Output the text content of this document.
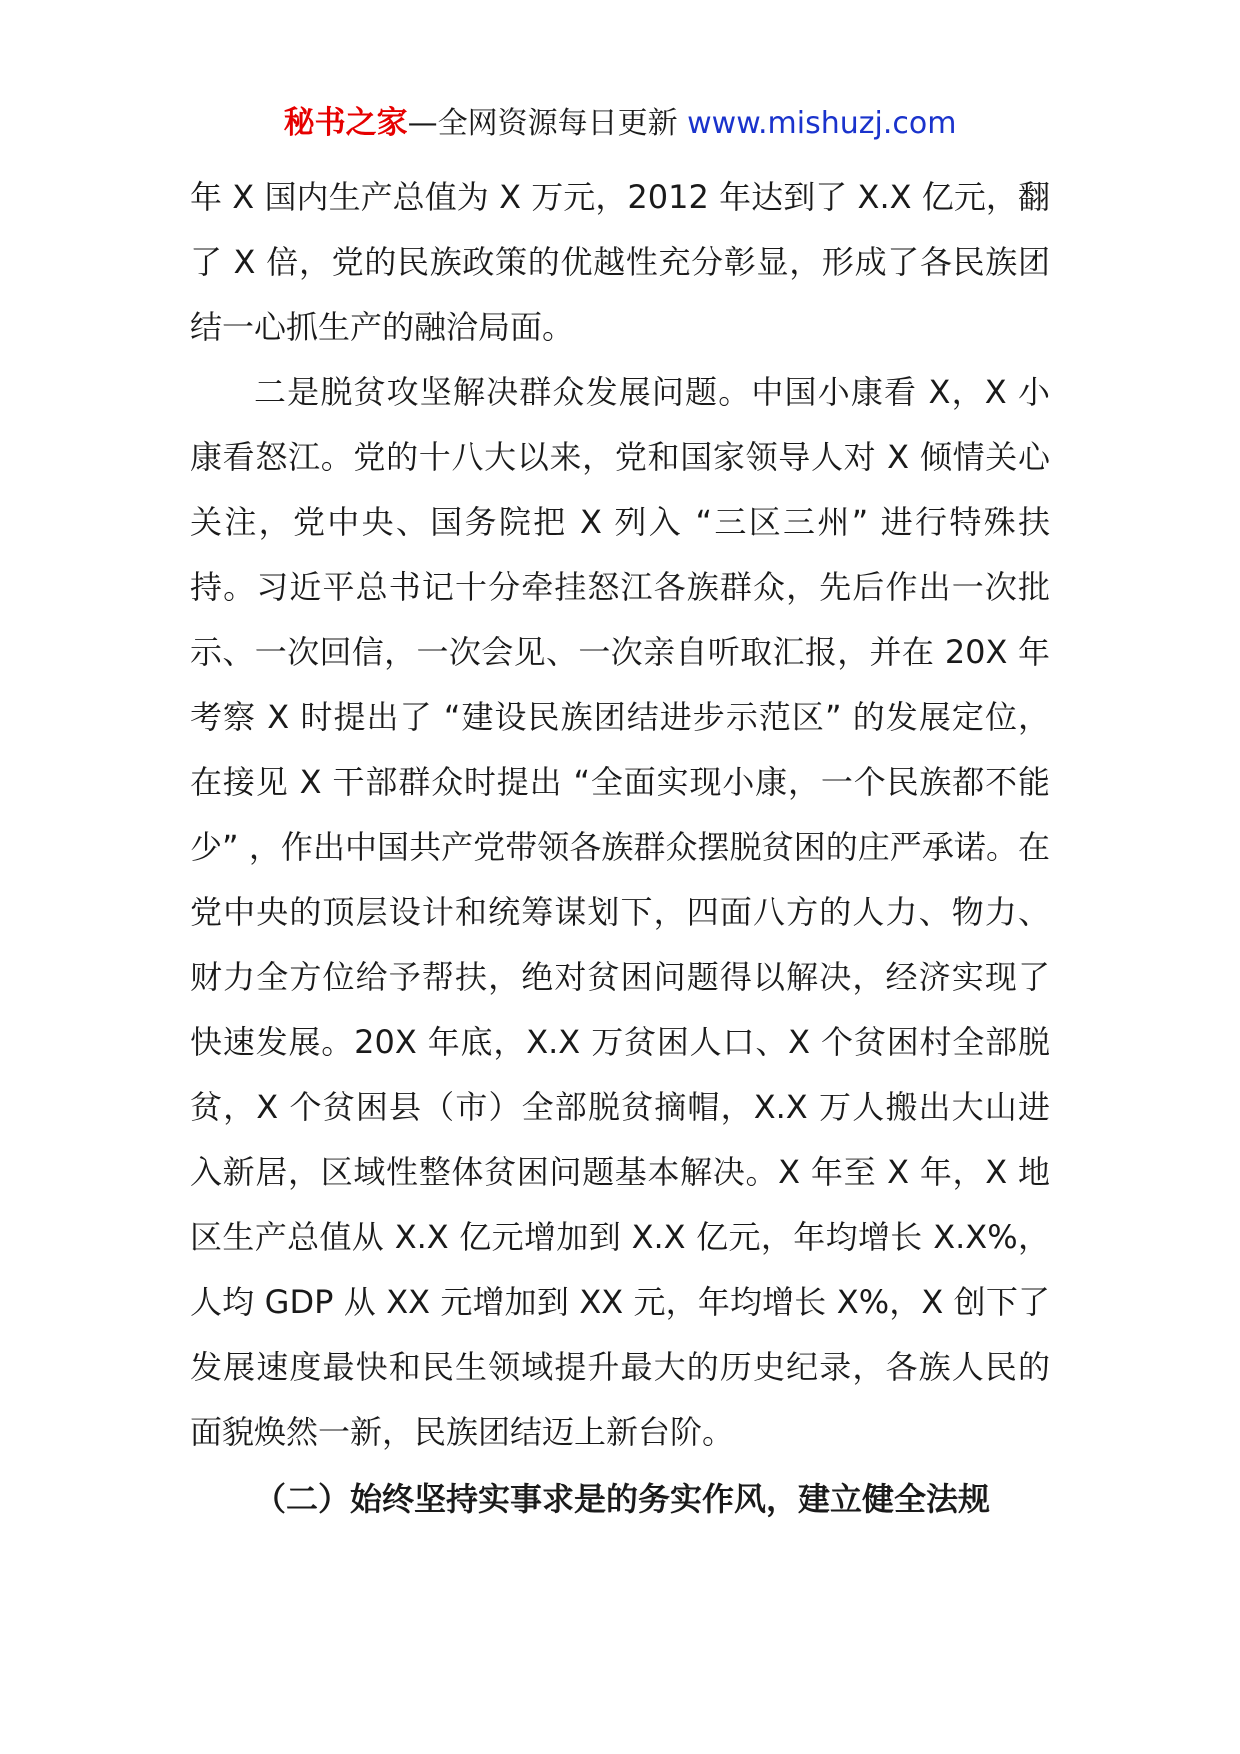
秘书之家—全网资源每日更新 www.mishuzj.com

年 X 国内生产总值为 X 万元，2012 年达到了 X.X 亿元，翻了 X 倍，党的民族政策的优越性充分彰显，形成了各民族团结一心抓生产的融洽局面。

二是脱贫攻坚解决群众发展问题。中国小康看 X，X 小康看怒江。党的十八大以来，党和国家领导人对 X 倾情关心关注，党中央、国务院把 X 列入 “三区三州” 进行特殊扶持。习近平总书记十分牵挂怒江各族群众，先后作出一次批示、一次回信，一次会见、一次亲自听取汇报，并在 20X 年考察 X 时提出了 “建设民族团结进步示范区” 的发展定位，在接见 X 干部群众时提出 “全面实现小康，一个民族都不能少” ，作出中国共产党带领各族群众摆脱贫困的庄严承诺。在党中央的顶层设计和统筹谋划下，四面八方的人力、物力、财力全方位给予帮扶，绝对贫困问题得以解决，经济实现了快速发展。20X 年底，X.X 万贫困人口、X 个贫困村全部脱贫，X 个贫困县（市）全部脱贫摘帽，X.X 万人搬出大山进入新居，区域性整体贫困问题基本解决。X 年至 X 年，X 地区生产总值从 X.X 亿元增加到 X.X 亿元，年均增长 X.X%，人均 GDP 从 XX 元增加到 XX 元，年均增长 X%，X 创下了发展速度最快和民生领域提升最大的历史纪录，各族人民的面貌焕然一新，民族团结迈上新台阶。

（二）始终坚持实事求是的务实作风，建立健全法规
